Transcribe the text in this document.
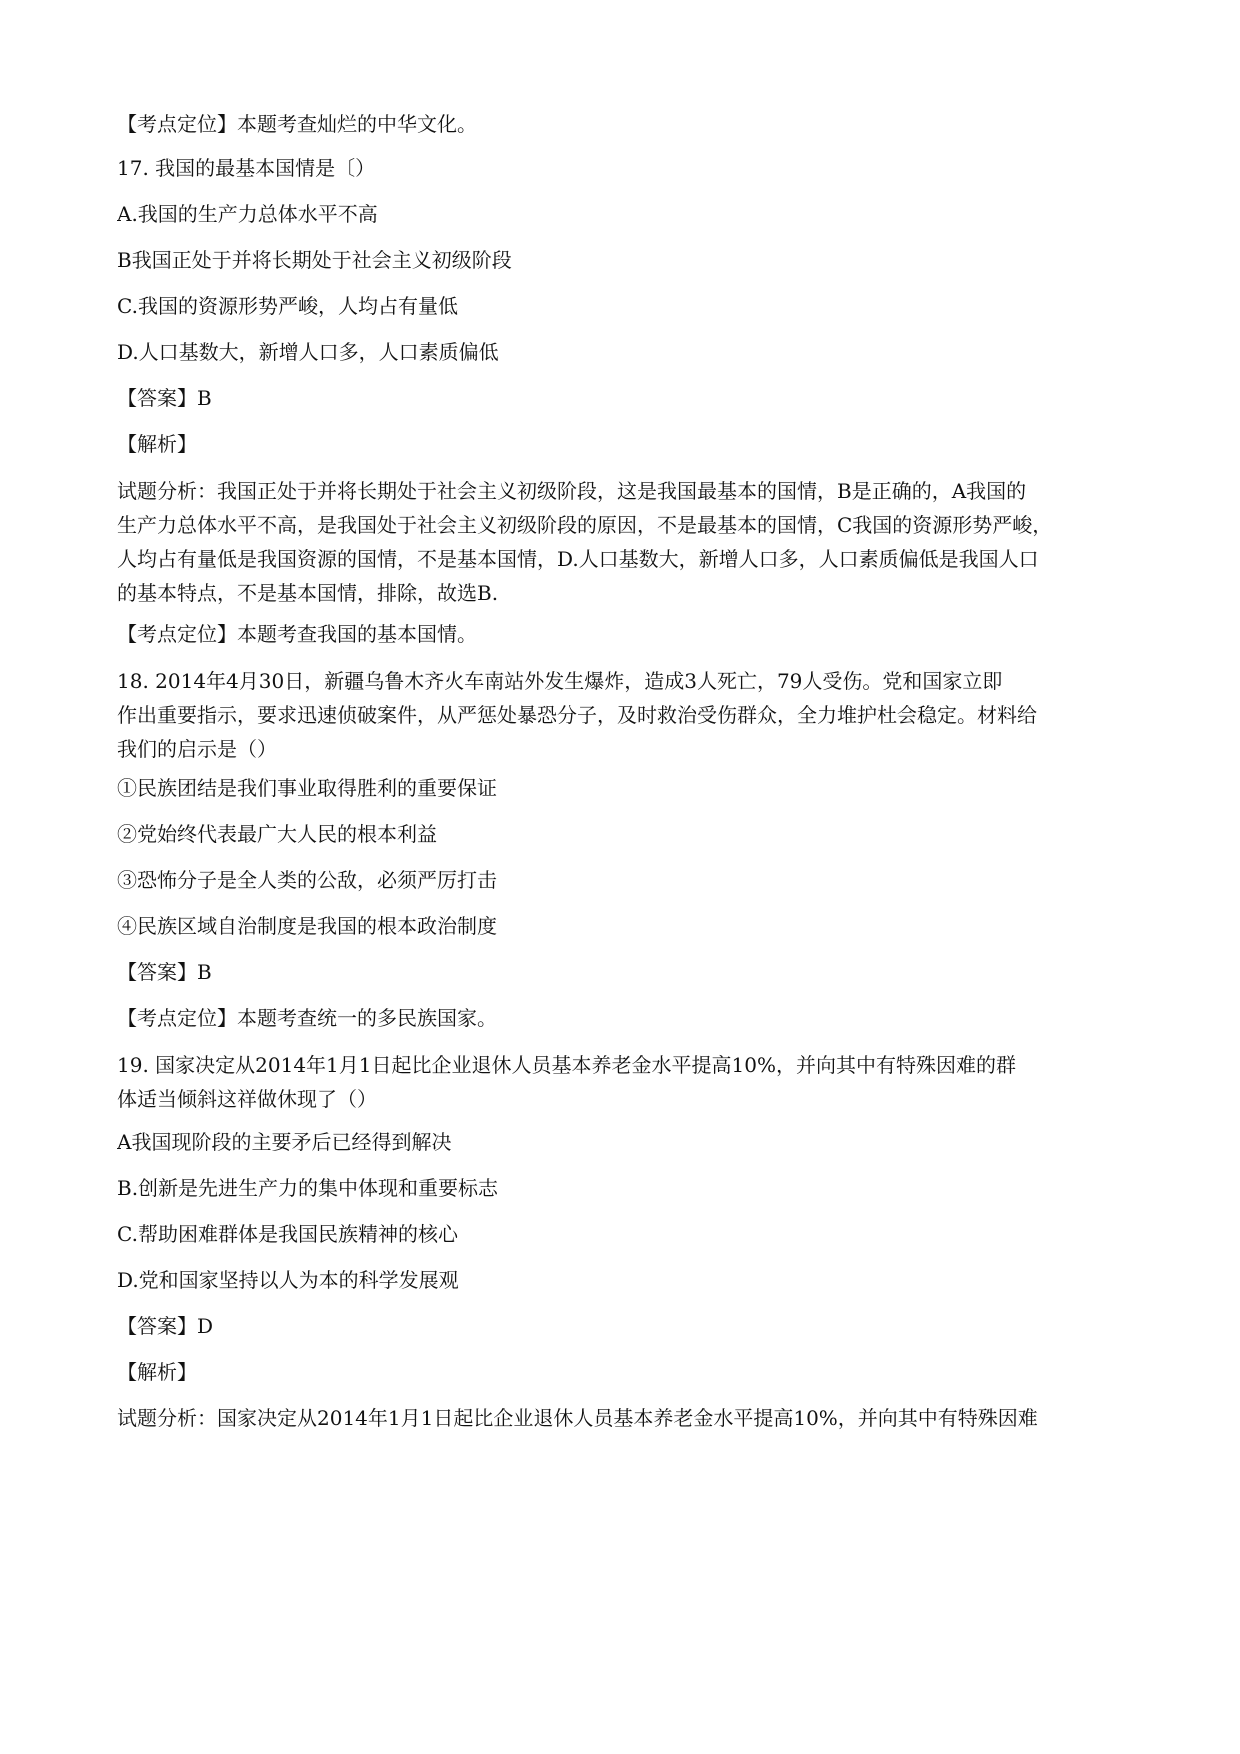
【考点定位】本题考查灿烂的中华文化。
17. 我国的最基本国情是〔）
A.我国的生产力总体水平不高
B我国正处于并将长期处于社会主义初级阶段
C.我国的资源形势严峻，人均占有量低
D.人口基数大，新增人口多，人口素质偏低
【答案】B
【解析】
试题分析：我国正处于并将长期处于社会主义初级阶段，这是我国最基本的国情，B是正确的，A我国的
生产力总体水平不高，是我国处于社会主义初级阶段的原因，不是最基本的国情，C我国的资源形势严峻，
人均占有量低是我国资源的国情，不是基本国情，D.人口基数大，新增人口多，人口素质偏低是我国人口
的基本特点，不是基本国情，排除，故选B.
【考点定位】本题考查我国的基本国情。
18. 2014年4月30日，新疆乌鲁木齐火车南站外发生爆炸，造成3人死亡，79人受伤。党和国家立即
作出重要指示，要求迅速侦破案件，从严惩处暴恐分子，及时救治受伤群众，全力堆护杜会稳定。材料给
我们的启示是（）
①民族团结是我们事业取得胜利的重要保证
②党始终代表最广大人民的根本利益
③恐怖分子是全人类的公敌，必须严厉打击
④民族区域自治制度是我国的根本政治制度
【答案】B
【考点定位】本题考查统一的多民族国家。
19. 国家决定从2014年1月1日起比企业退休人员基本养老金水平提高10%，并向其中有特殊因难的群
体适当倾斜这祥做休现了（）
A我国现阶段的主要矛后已经得到解决
B.创新是先进生产力的集中体现和重要标志
C.帮助困难群体是我国民族精神的核心
D.党和国家坚持以人为本的科学发展观
【答案】D
【解析】
试题分析：国家决定从2014年1月1日起比企业退休人员基本养老金水平提高10%，并向其中有特殊因难
